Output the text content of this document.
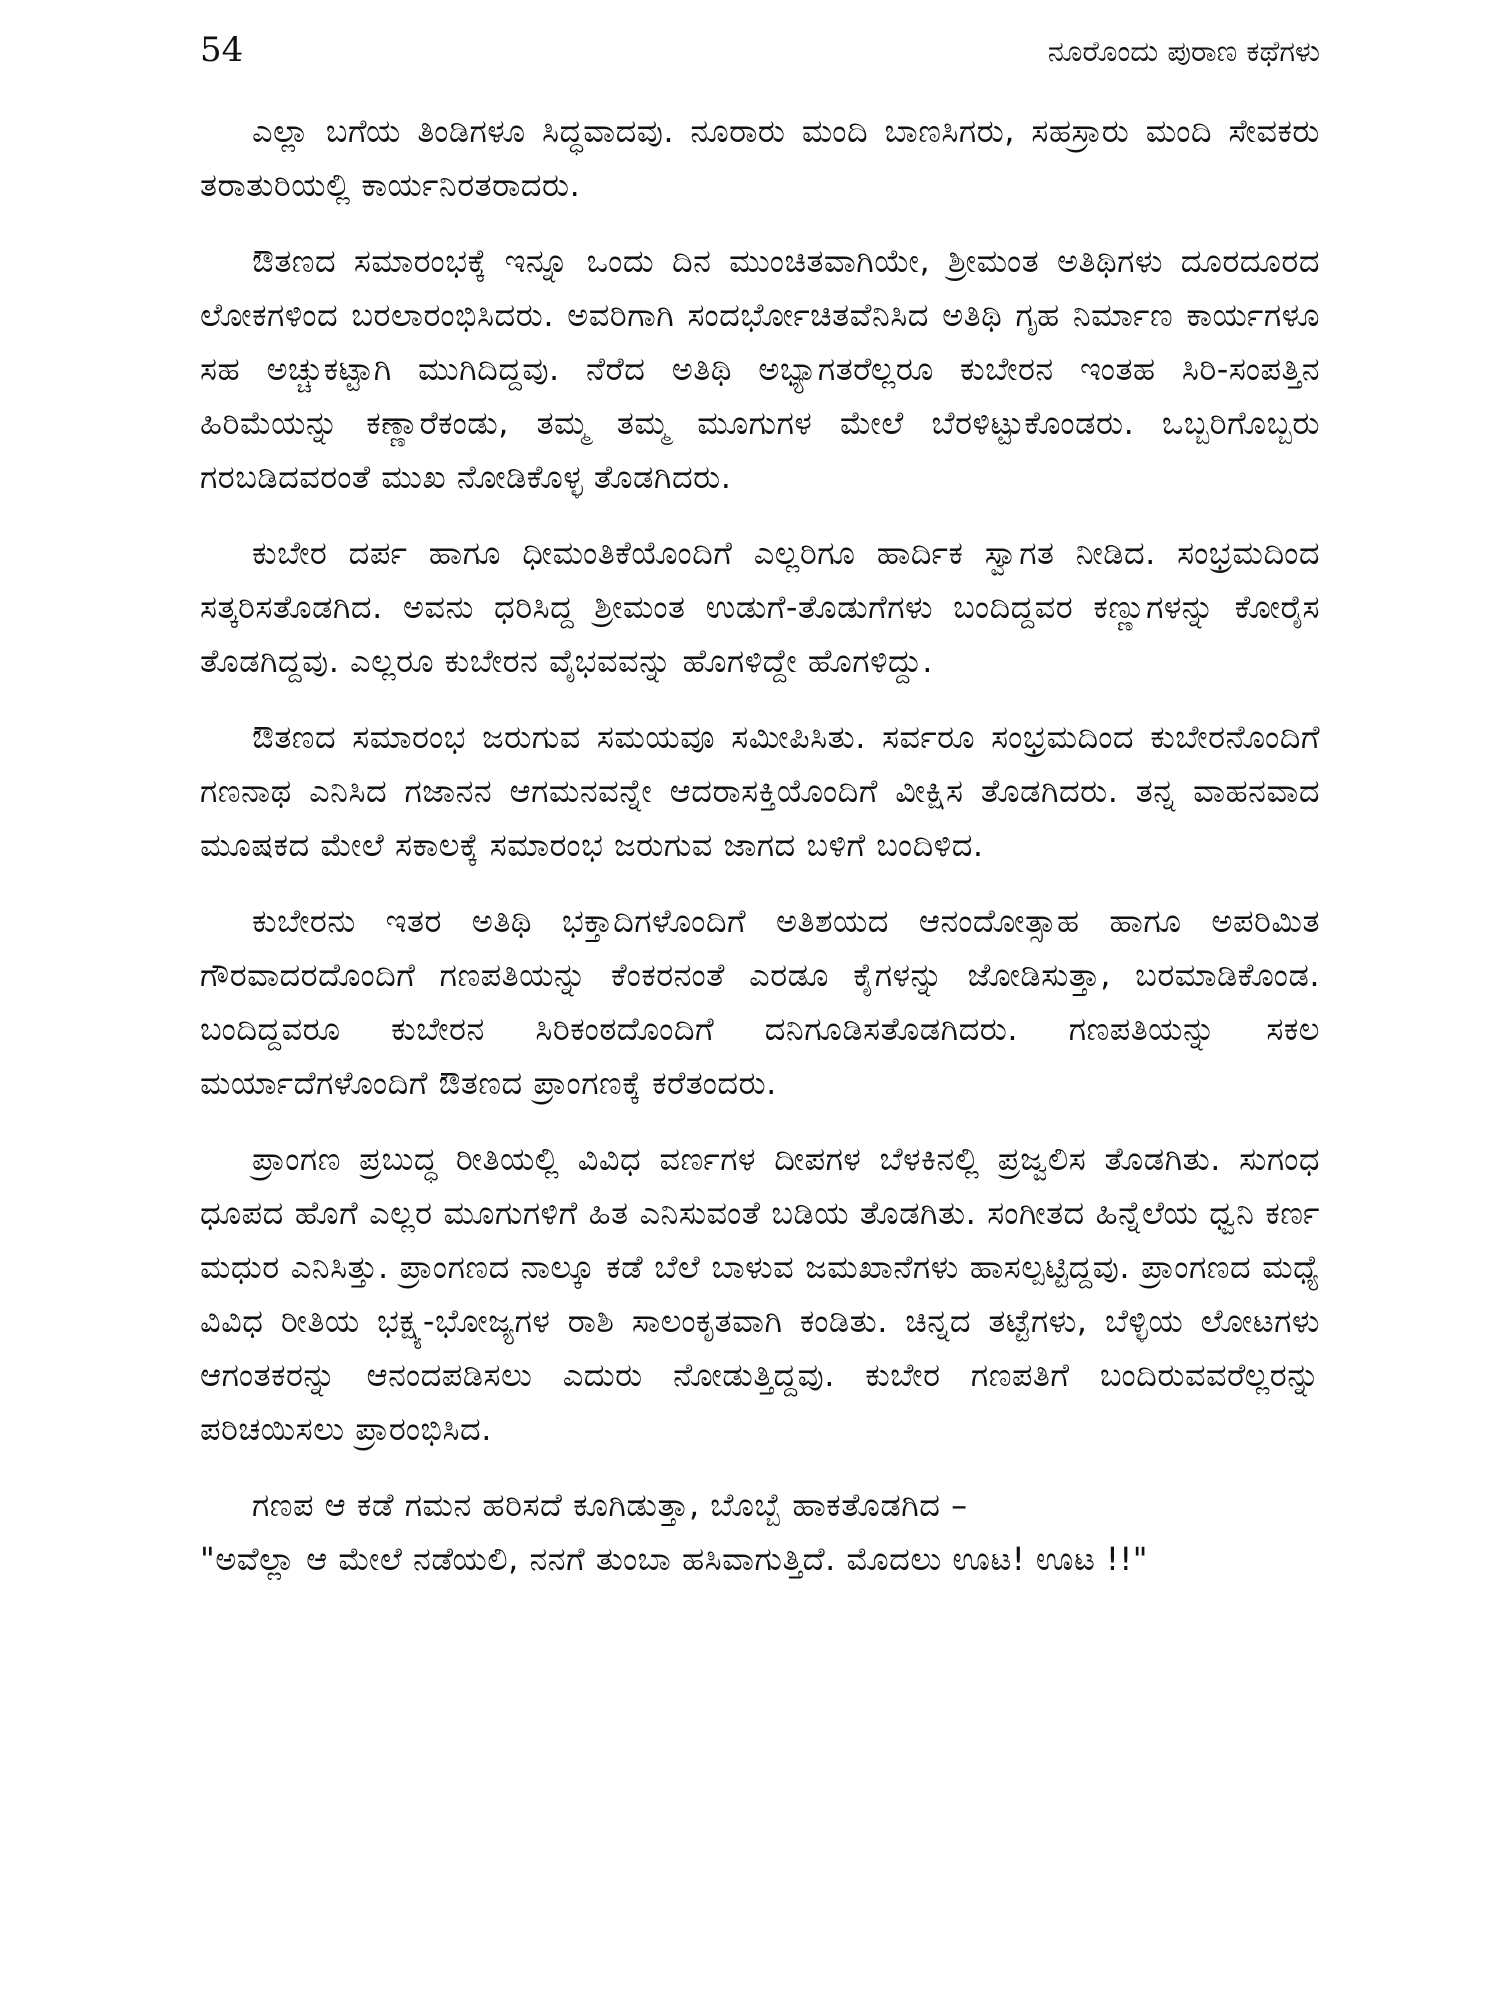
54	ನೂರೊಂದು ಪುರಾಣ ಕಥೆಗಳು

ಎಲ್ಲಾ ಬಗೆಯ ತಿಂಡಿಗಳೂ ಸಿದ್ಧವಾದವು. ನೂರಾರು ಮಂದಿ ಬಾಣಸಿಗರು, ಸಹಸ್ರಾರು ಮಂದಿ ಸೇವಕರು ತರಾತುರಿಯಲ್ಲಿ ಕಾರ್ಯನಿರತರಾದರು.

ಔತಣದ ಸಮಾರಂಭಕ್ಕೆ ಇನ್ನೂ ಒಂದು ದಿನ ಮುಂಚಿತವಾಗಿಯೇ, ಶ್ರೀಮಂತ ಅತಿಥಿಗಳು ದೂರದೂರದ ಲೋಕಗಳಿಂದ ಬರಲಾರಂಭಿಸಿದರು. ಅವರಿಗಾಗಿ ಸಂದರ್ಭೋಚಿತವೆನಿಸಿದ ಅತಿಥಿ ಗೃಹ ನಿರ್ಮಾಣ ಕಾರ್ಯಗಳೂ ಸಹ ಅಚ್ಚುಕಟ್ಟಾಗಿ ಮುಗಿದಿದ್ದವು. ನೆರೆದ ಅತಿಥಿ ಅಭ್ಯಾಗತರೆಲ್ಲರೂ ಕುಬೇರನ ಇಂತಹ ಸಿರಿ-ಸಂಪತ್ತಿನ ಹಿರಿಮೆಯನ್ನು ಕಣ್ಣಾರೆಕಂಡು, ತಮ್ಮ ತಮ್ಮ ಮೂಗುಗಳ ಮೇಲೆ ಬೆರಳಿಟ್ಟುಕೊಂಡರು. ಒಬ್ಬರಿಗೊಬ್ಬರು ಗರಬಡಿದವರಂತೆ ಮುಖ ನೋಡಿಕೊಳ್ಳ ತೊಡಗಿದರು.

ಕುಬೇರ ದರ್ಪ ಹಾಗೂ ಧೀಮಂತಿಕೆಯೊಂದಿಗೆ ಎಲ್ಲರಿಗೂ ಹಾರ್ದಿಕ ಸ್ವಾಗತ ನೀಡಿದ. ಸಂಭ್ರಮದಿಂದ ಸತ್ಕರಿಸತೊಡಗಿದ. ಅವನು ಧರಿಸಿದ್ದ ಶ್ರೀಮಂತ ಉಡುಗೆ-ತೊಡುಗೆಗಳು ಬಂದಿದ್ದವರ ಕಣ್ಣುಗಳನ್ನು ಕೋರೈಸ ತೊಡಗಿದ್ದವು. ಎಲ್ಲರೂ ಕುಬೇರನ ವೈಭವವನ್ನು ಹೊಗಳಿದ್ದೇ ಹೊಗಳಿದ್ದು.

ಔತಣದ ಸಮಾರಂಭ ಜರುಗುವ ಸಮಯವೂ ಸಮೀಪಿಸಿತು. ಸರ್ವರೂ ಸಂಭ್ರಮದಿಂದ ಕುಬೇರನೊಂದಿಗೆ ಗಣನಾಥ ಎನಿಸಿದ ಗಜಾನನ ಆಗಮನವನ್ನೇ ಆದರಾಸಕ್ತಿಯೊಂದಿಗೆ ವೀಕ್ಷಿಸ ತೊಡಗಿದರು. ತನ್ನ ವಾಹನವಾದ ಮೂಷಕದ ಮೇಲೆ ಸಕಾಲಕ್ಕೆ ಸಮಾರಂಭ ಜರುಗುವ ಜಾಗದ ಬಳಿಗೆ ಬಂದಿಳಿದ.

ಕುಬೇರನು ಇತರ ಅತಿಥಿ ಭಕ್ತಾದಿಗಳೊಂದಿಗೆ ಅತಿಶಯದ ಆನಂದೋತ್ಸಾಹ ಹಾಗೂ ಅಪರಿಮಿತ ಗೌರವಾದರದೊಂದಿಗೆ ಗಣಪತಿಯನ್ನು ಕೆಂಕರನಂತೆ ಎರಡೂ ಕೈಗಳನ್ನು ಜೋಡಿಸುತ್ತಾ, ಬರಮಾಡಿಕೊಂಡ. ಬಂದಿದ್ದವರೂ ಕುಬೇರನ ಸಿರಿಕಂಠದೊಂದಿಗೆ ದನಿಗೂಡಿಸತೊಡಗಿದರು. ಗಣಪತಿಯನ್ನು ಸಕಲ ಮರ್ಯಾದೆಗಳೊಂದಿಗೆ ಔತಣದ ಪ್ರಾಂಗಣಕ್ಕೆ ಕರೆತಂದರು.

ಪ್ರಾಂಗಣ ಪ್ರಬುದ್ಧ ರೀತಿಯಲ್ಲಿ ವಿವಿಧ ವರ್ಣಗಳ ದೀಪಗಳ ಬೆಳಕಿನಲ್ಲಿ ಪ್ರಜ್ವಲಿಸ ತೊಡಗಿತು. ಸುಗಂಧ ಧೂಪದ ಹೊಗೆ ಎಲ್ಲರ ಮೂಗುಗಳಿಗೆ ಹಿತ ಎನಿಸುವಂತೆ ಬಡಿಯ ತೊಡಗಿತು. ಸಂಗೀತದ ಹಿನ್ನೆಲೆಯ ಧ್ವನಿ ಕರ್ಣ ಮಧುರ ಎನಿಸಿತ್ತು. ಪ್ರಾಂಗಣದ ನಾಲ್ಕೂ ಕಡೆ ಬೆಲೆ ಬಾಳುವ ಜಮಖಾನೆಗಳು ಹಾಸಲ್ಪಟ್ಟಿದ್ದವು. ಪ್ರಾಂಗಣದ ಮಧ್ಯೆ ವಿವಿಧ ರೀತಿಯ ಭಕ್ಷ್ಯ-ಭೋಜ್ಯಗಳ ರಾಶಿ ಸಾಲಂಕೃತವಾಗಿ ಕಂಡಿತು. ಚಿನ್ನದ ತಟ್ಟೆಗಳು, ಬೆಳ್ಳಿಯ ಲೋಟಗಳು ಆಗಂತಕರನ್ನು ಆನಂದಪಡಿಸಲು ಎದುರು ನೋಡುತ್ತಿದ್ದವು. ಕುಬೇರ ಗಣಪತಿಗೆ ಬಂದಿರುವವರೆಲ್ಲರನ್ನು ಪರಿಚಯಿಸಲು ಪ್ರಾರಂಭಿಸಿದ.

ಗಣಪ ಆ ಕಡೆ ಗಮನ ಹರಿಸದೆ ಕೂಗಿಡುತ್ತಾ, ಬೊಬ್ಬೆ ಹಾಕತೊಡಗಿದ –

"ಅವೆಲ್ಲಾ ಆ ಮೇಲೆ ನಡೆಯಲಿ, ನನಗೆ ತುಂಬಾ ಹಸಿವಾಗುತ್ತಿದೆ. ಮೊದಲು ಊಟ! ಊಟ !!"
